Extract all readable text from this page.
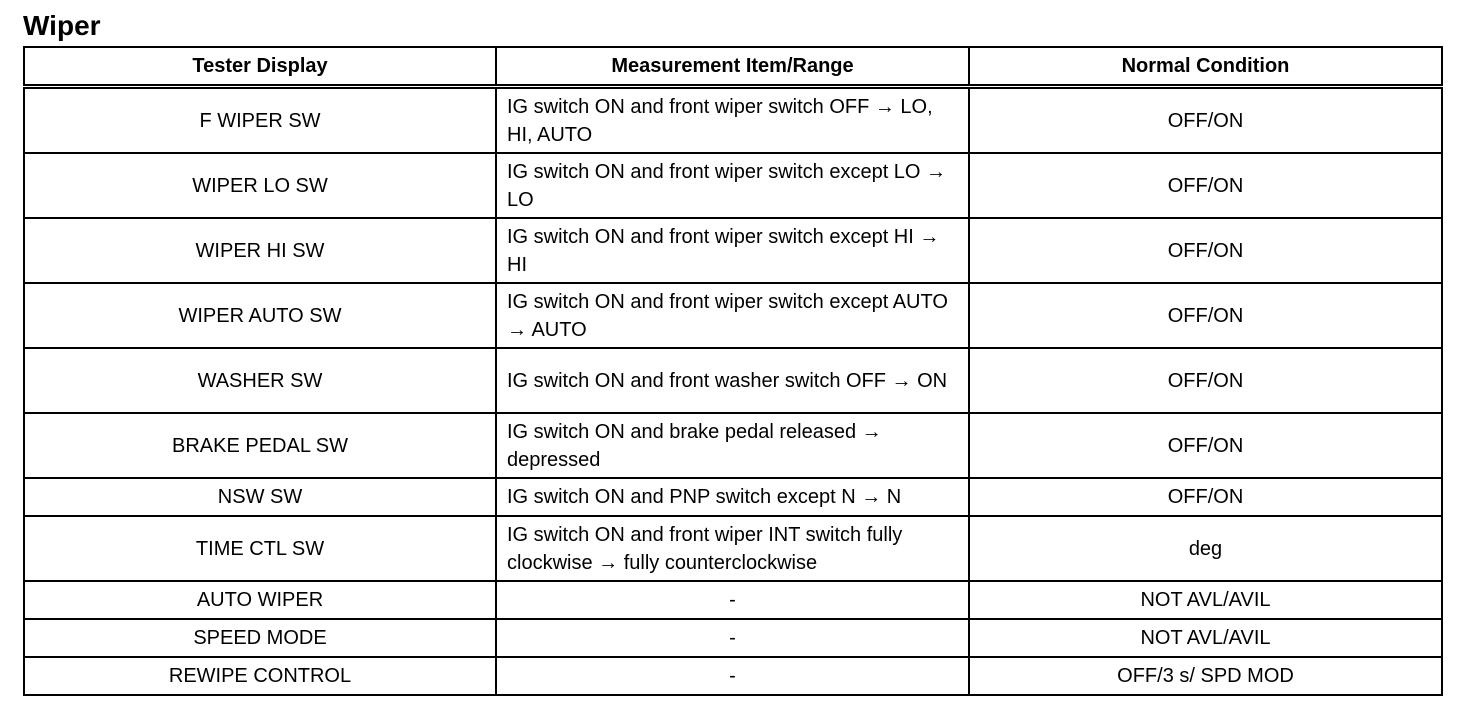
Wiper
Tester Display	Measurement Item/Range	Normal Condition
F WIPER SW	IG switch ON and front wiper switch OFF → LO, HI, AUTO	OFF/ON
WIPER LO SW	IG switch ON and front wiper switch except LO → LO	OFF/ON
WIPER HI SW	IG switch ON and front wiper switch except HI → HI	OFF/ON
WIPER AUTO SW	IG switch ON and front wiper switch except AUTO → AUTO	OFF/ON
WASHER SW	IG switch ON and front washer switch OFF → ON	OFF/ON
BRAKE PEDAL SW	IG switch ON and brake pedal released → depressed	OFF/ON
NSW SW	IG switch ON and PNP switch except N → N	OFF/ON
TIME CTL SW	IG switch ON and front wiper INT switch fully clockwise → fully counterclockwise	deg
AUTO WIPER	-	NOT AVL/AVIL
SPEED MODE	-	NOT AVL/AVIL
REWIPE CONTROL	-	OFF/3 s/ SPD MOD
